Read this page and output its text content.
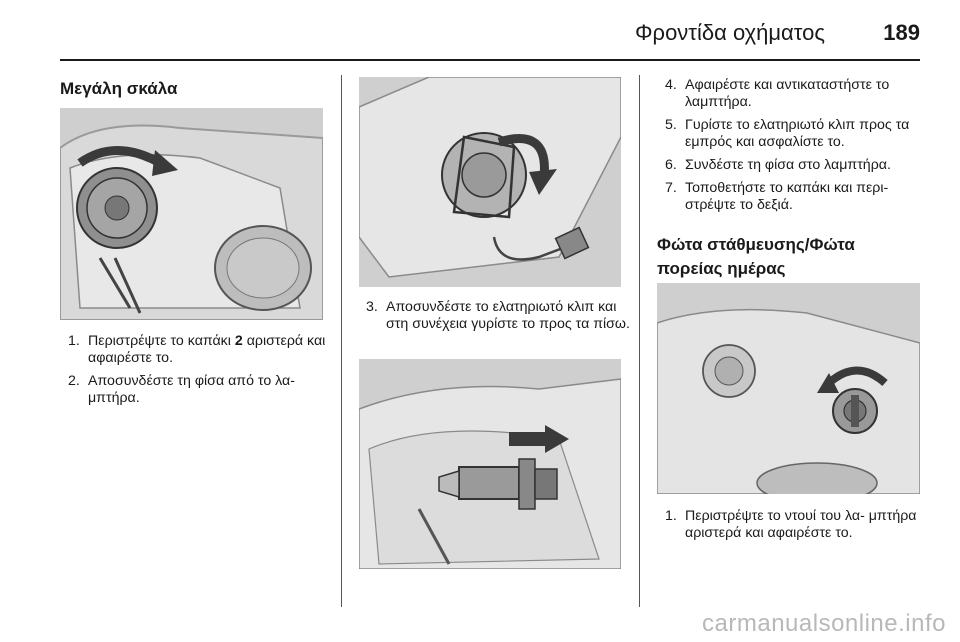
Φροντίδα οχήματος	189
Μεγάλη σκάλα
1. Περιστρέψτε το καπάκι 2 αριστερά και αφαιρέστε το.
2. Αποσυνδέστε τη φίσα από το λα- μπτήρα.
3. Αποσυνδέστε το ελατηριωτό κλιπ και στη συνέχεια γυρίστε το προς τα πίσω.
4. Αφαιρέστε και αντικαταστήστε το λαμπτήρα.
5. Γυρίστε το ελατηριωτό κλιπ προς τα εμπρός και ασφαλίστε το.
6. Συνδέστε τη φίσα στο λαμπτήρα.
7. Τοποθετήστε το καπάκι και περι- στρέψτε το δεξιά.
Φώτα στάθμευσης/Φώτα
πορείας ημέρας
1. Περιστρέψτε το ντουί του λα- μπτήρα αριστερά και αφαιρέστε το.
carmanualsonline.info
